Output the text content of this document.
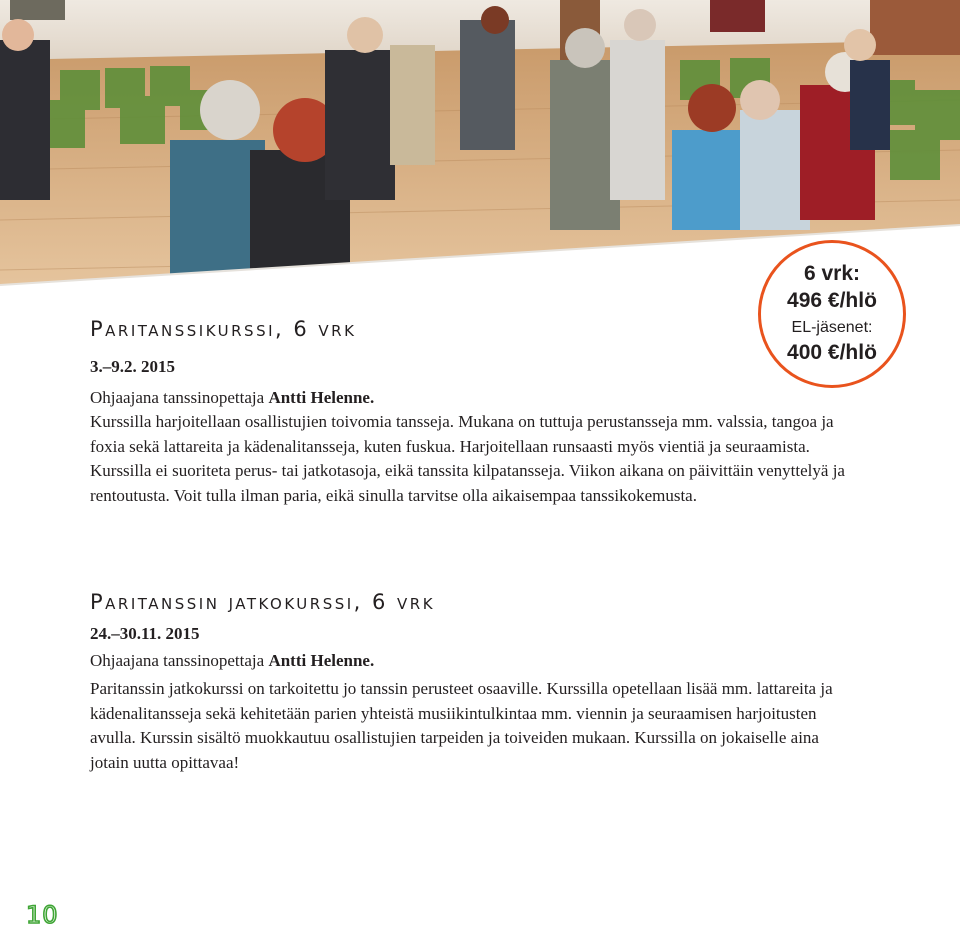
6 vrk:
496 €/hlö
EL-jäsenet:
400 €/hlö
Paritanssikurssi, 6 vrk
3.–9.2. 2015
Ohjaajana tanssinopettaja Antti Helenne.

Kurssilla harjoitellaan osallistujien toivomia tansseja. Mukana on tuttuja perustansseja mm. valssia, tangoa ja foxia sekä lattareita ja kädenalitansseja, kuten fuskua. Harjoitellaan runsaasti myös vientiä ja seuraamista. Kurssilla ei suoriteta perus- tai jatkotasoja, eikä tanssita kilpatansseja. Viikon aikana on päivittäin venyttelyä ja rentoutusta. Voit tulla ilman paria, eikä sinulla tarvitse olla aikaisempaa tanssikokemusta.

Paritanssin jatkokurssi, 6 vrk
24.–30.11. 2015
Ohjaajana tanssinopettaja Antti Helenne.

Paritanssin jatkokurssi on tarkoitettu jo tanssin perusteet osaaville. Kurssilla opetellaan lisää mm. lattareita ja kädenalitansseja sekä kehitetään parien yhteistä musiikintulkintaa mm. viennin ja seuraamisen harjoitusten avulla. Kurssin sisältö muokkautuu osallistujien tarpeiden ja toiveiden mukaan. Kurssilla on jokaiselle aina jotain uutta opittavaa!

10
